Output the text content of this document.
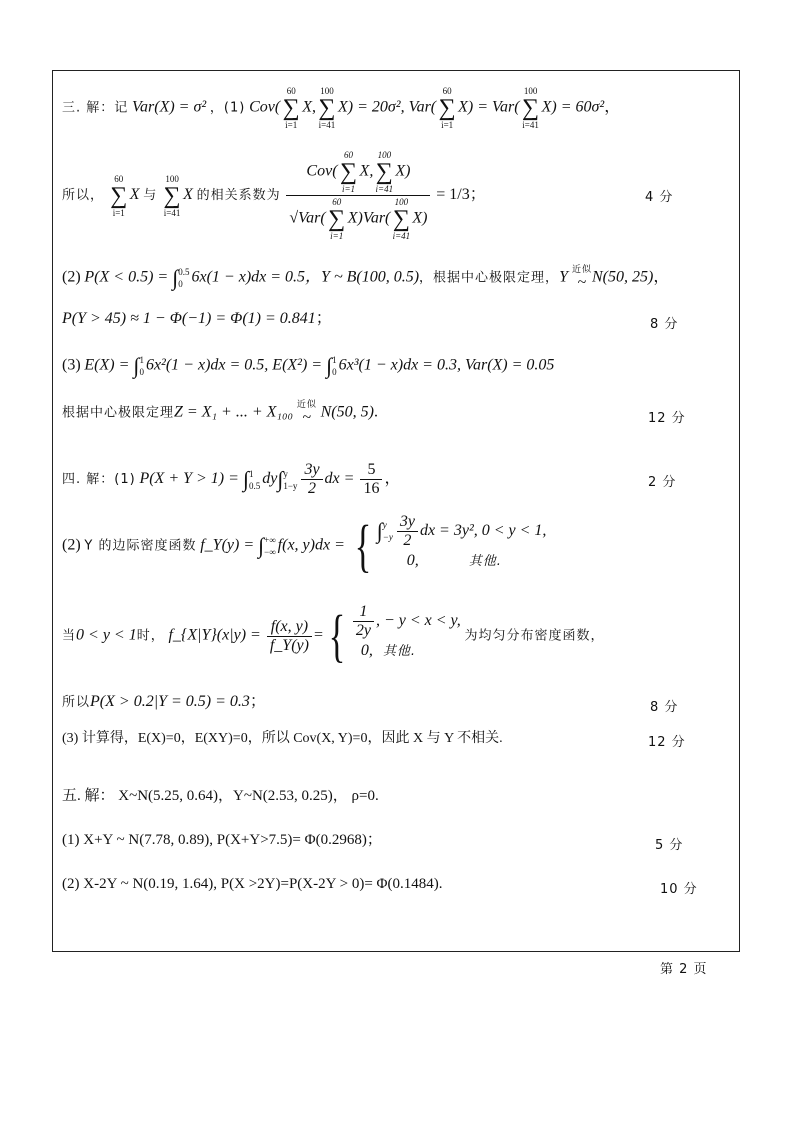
三. 解：记 Var(X) = σ² ，(1) Cov(
60
∑
i=1
X,
100
∑
i=41
X) = 20σ², Var(
60
∑
i=1
X) = Var(
100
∑
i=41
X) = 60σ²，
所以，
60
∑
i=1
X 与
100
∑
i=41
X 的相关系数为 Cov(
60
∑
i=1
X,
100
∑
i=41
X)
√Var(
60
∑
i=1
X)Var(
100
∑
i=41
X) = 1/3；	4 分
(2) P(X < 0.5) = ∫ 0.5
0 6x(1 − x)dx = 0.5，Y ~ B(100, 0.5)，根据中心极限定理，Y 近似
~ N(50, 25)，
P(Y > 45) ≈ 1 − Φ(−1) = Φ(1) = 0.841；	8 分
(3) E(X) = ∫ 1
0 6x²(1 − x)dx = 0.5, E(X²) = ∫ 1
0 6x³(1 − x)dx = 0.3, Var(X) = 0.05
根据中心极限定理Z = X₁ + ... + X₁₀₀ 近似
~ N(50, 5).	12 分
四. 解：(1) P(X + Y > 1) = ∫ 1
0.5 dy∫ y
$1-y \frac{3y}{2}$ dx = $\frac{5}{16}$ ，	2 分
(2) Y 的边际密度函数 f_Y(y) = ∫ +∞
−∞ f(x, y)dx = { ∫ y
$-y \frac{3y}{2}$ dx = 3y², 0 < y < 1,
0,	其他.
当0 < y < 1时， f_{X|Y}(x|y) = $\frac{f(x, y)}{f\_Y(y)}$ ={ $\frac{1}{2y}$ , − y < x < y,
0, 其他.
为均匀分布密度函数，
所以P(X > 0.2|Y = 0.5) = 0.3；	8 分
(3) 计算得，E(X)=0，E(XY)=0，所以 Cov(X, Y)=0，因此 X 与 Y 不相关.	12 分
五. 解： X~N(5.25, 0.64)，Y~N(2.53, 0.25)， ρ=0.
(1) X+Y ~ N(7.78, 0.89), P(X+Y>7.5)= Φ(0.2968)；	5 分
(2) X-2Y ~ N(0.19, 1.64), P(X >2Y)=P(X-2Y > 0)= Φ(0.1484).	10 分
第 2 页
